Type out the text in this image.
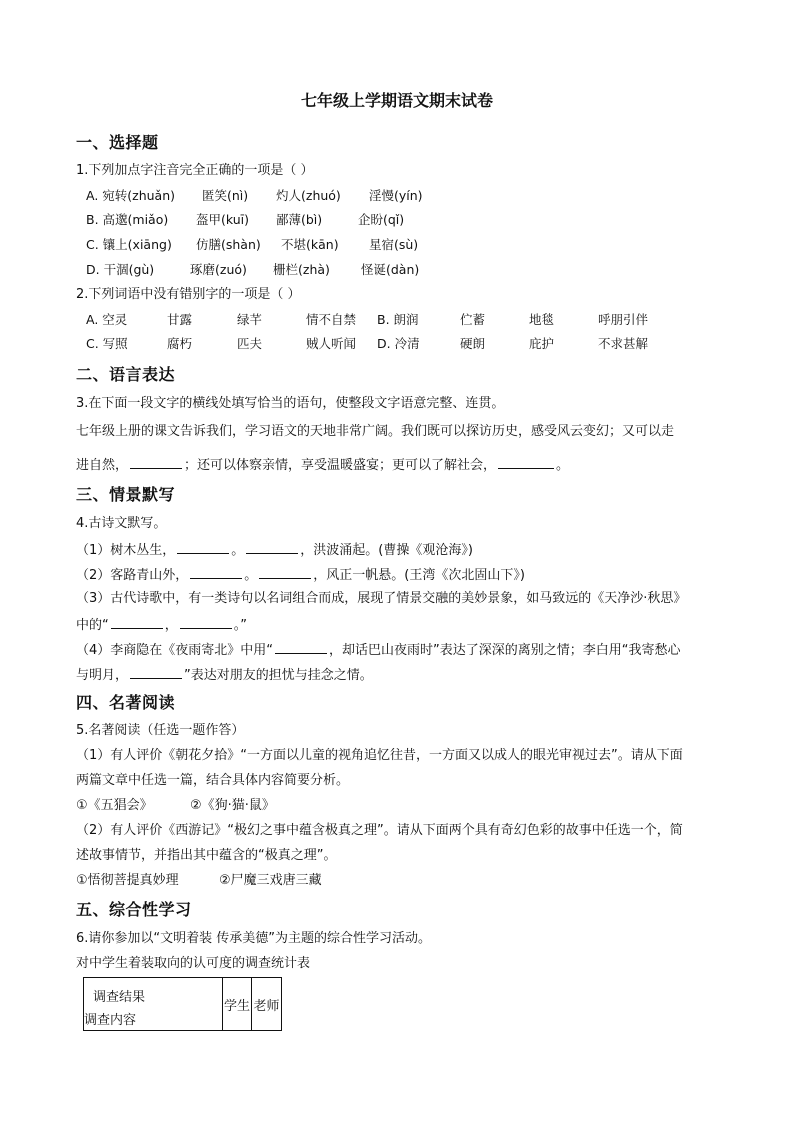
七年级上学期语文期末试卷
一、选择题
1.下列加点字注音完全正确的一项是（ ）
A. 宛转(zhuǎn) 匿笑(nì) 灼人(zhuó) 淫慢(yín)
B. 高邈(miǎo) 盔甲(kuī) 鄙薄(bì)	企盼(qǐ)
C. 镶上(xiāng) 仿膳(shàn) 不堪(kān) 星宿(sù)
D. 干涸(gù)	琢磨(zuó) 栅栏(zhà) 怪诞(dàn)
2.下列词语中没有错别字的一项是（ ）
A. 空灵	甘露	绿芊	情不自禁 B. 朗润	伫蓄	地毯	呼朋引伴
C. 写照	腐朽	匹夫	贼人听闻 D. 冷清	硬朗	庇护	不求甚解
二、语言表达
3.在下面一段文字的横线处填写恰当的语句，使整段文字语意完整、连贯。
七年级上册的课文告诉我们，学习语文的天地非常广阔。我们既可以探访历史，感受风云变幻；又可以走
进自然，	；还可以体察亲情，享受温暖盛宴；更可以了解社会，	。
三、情景默写
4.古诗文默写。
（1）树木丛生，	。	，洪波涌起。(曹操《观沧海》)
（2）客路青山外，	。	，风正一帆悬。(王湾《次北固山下》)
（3）古代诗歌中，有一类诗句以名词组合而成，展现了情景交融的美妙景象，如马致远的《天净沙·秋思》
中的“	，	。”
（4）李商隐在《夜雨寄北》中用“	，却话巴山夜雨时”表达了深深的离别之情；李白用“我寄愁心
与明月，	”表达对朋友的担忧与挂念之情。
四、名著阅读
5.名著阅读（任选一题作答）
（1）有人评价《朝花夕拾》“一方面以儿童的视角追忆往昔，一方面又以成人的眼光审视过去”。请从下面
两篇文章中任选一篇，结合具体内容简要分析。
①《五猖会》	②《狗·猫·鼠》
（2）有人评价《西游记》“极幻之事中蕴含极真之理”。请从下面两个具有奇幻色彩的故事中任选一个，简
述故事情节，并指出其中蕴含的“极真之理”。
①悟彻菩提真妙理	②尸魔三戏唐三藏
五、综合性学习
6.请你参加以“文明着装 传承美德”为主题的综合性学习活动。
对中学生着装取向的认可度的调查统计表
调查结果
调查内容
	学生	老师
